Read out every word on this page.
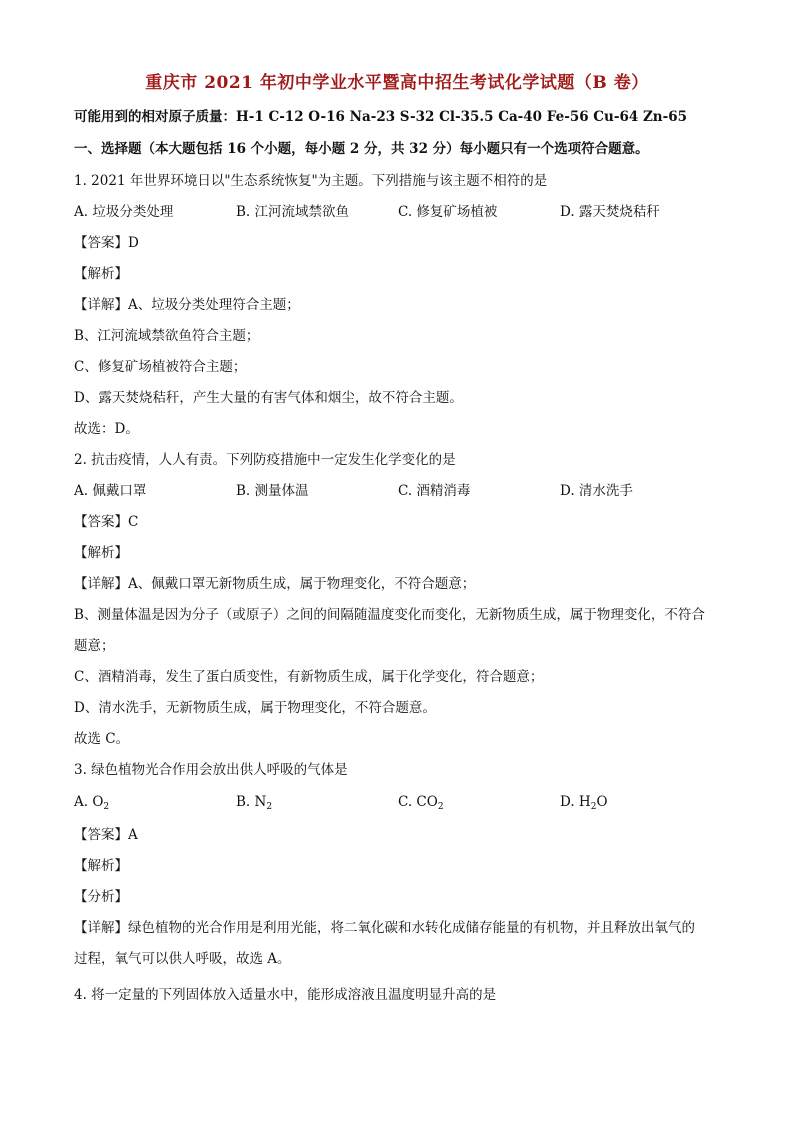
重庆市 2021 年初中学业水平暨高中招生考试化学试题（B 卷）
可能用到的相对原子质量：H-1 C-12 O-16 Na-23 S-32 Cl-35.5 Ca-40 Fe-56 Cu-64 Zn-65
一、选择题（本大题包括 16 个小题，每小题 2 分，共 32 分）每小题只有一个选项符合题意。
1. 2021 年世界环境日以"生态系统恢复"为主题。下列措施与该主题不相符的是
A. 垃圾分类处理	B. 江河流域禁欲鱼	C. 修复矿场植被	D. 露天焚烧秸秆
【答案】D
【解析】
【详解】A、垃圾分类处理符合主题；
B、江河流域禁欲鱼符合主题；
C、修复矿场植被符合主题；
D、露天焚烧秸秆，产生大量的有害气体和烟尘，故不符合主题。
故选：D。
2. 抗击疫情，人人有责。下列防疫措施中一定发生化学变化的是
A. 佩戴口罩	B. 测量体温	C. 酒精消毒	D. 清水洗手
【答案】C
【解析】
【详解】A、佩戴口罩无新物质生成，属于物理变化，不符合题意；
B、测量体温是因为分子（或原子）之间的间隔随温度变化而变化，无新物质生成，属于物理变化，不符合
题意；
C、酒精消毒，发生了蛋白质变性，有新物质生成，属于化学变化，符合题意；
D、清水洗手，无新物质生成，属于物理变化，不符合题意。
故选 C。
3. 绿色植物光合作用会放出供人呼吸的气体是
A. $O_2$	B. $N_2$	C. $CO_2$	D. $H_2O$
【答案】A
【解析】
【分析】
【详解】绿色植物的光合作用是利用光能，将二氧化碳和水转化成储存能量的有机物，并且释放出氧气的
过程，氧气可以供人呼吸，故选 A。
4. 将一定量的下列固体放入适量水中，能形成溶液且温度明显升高的是
